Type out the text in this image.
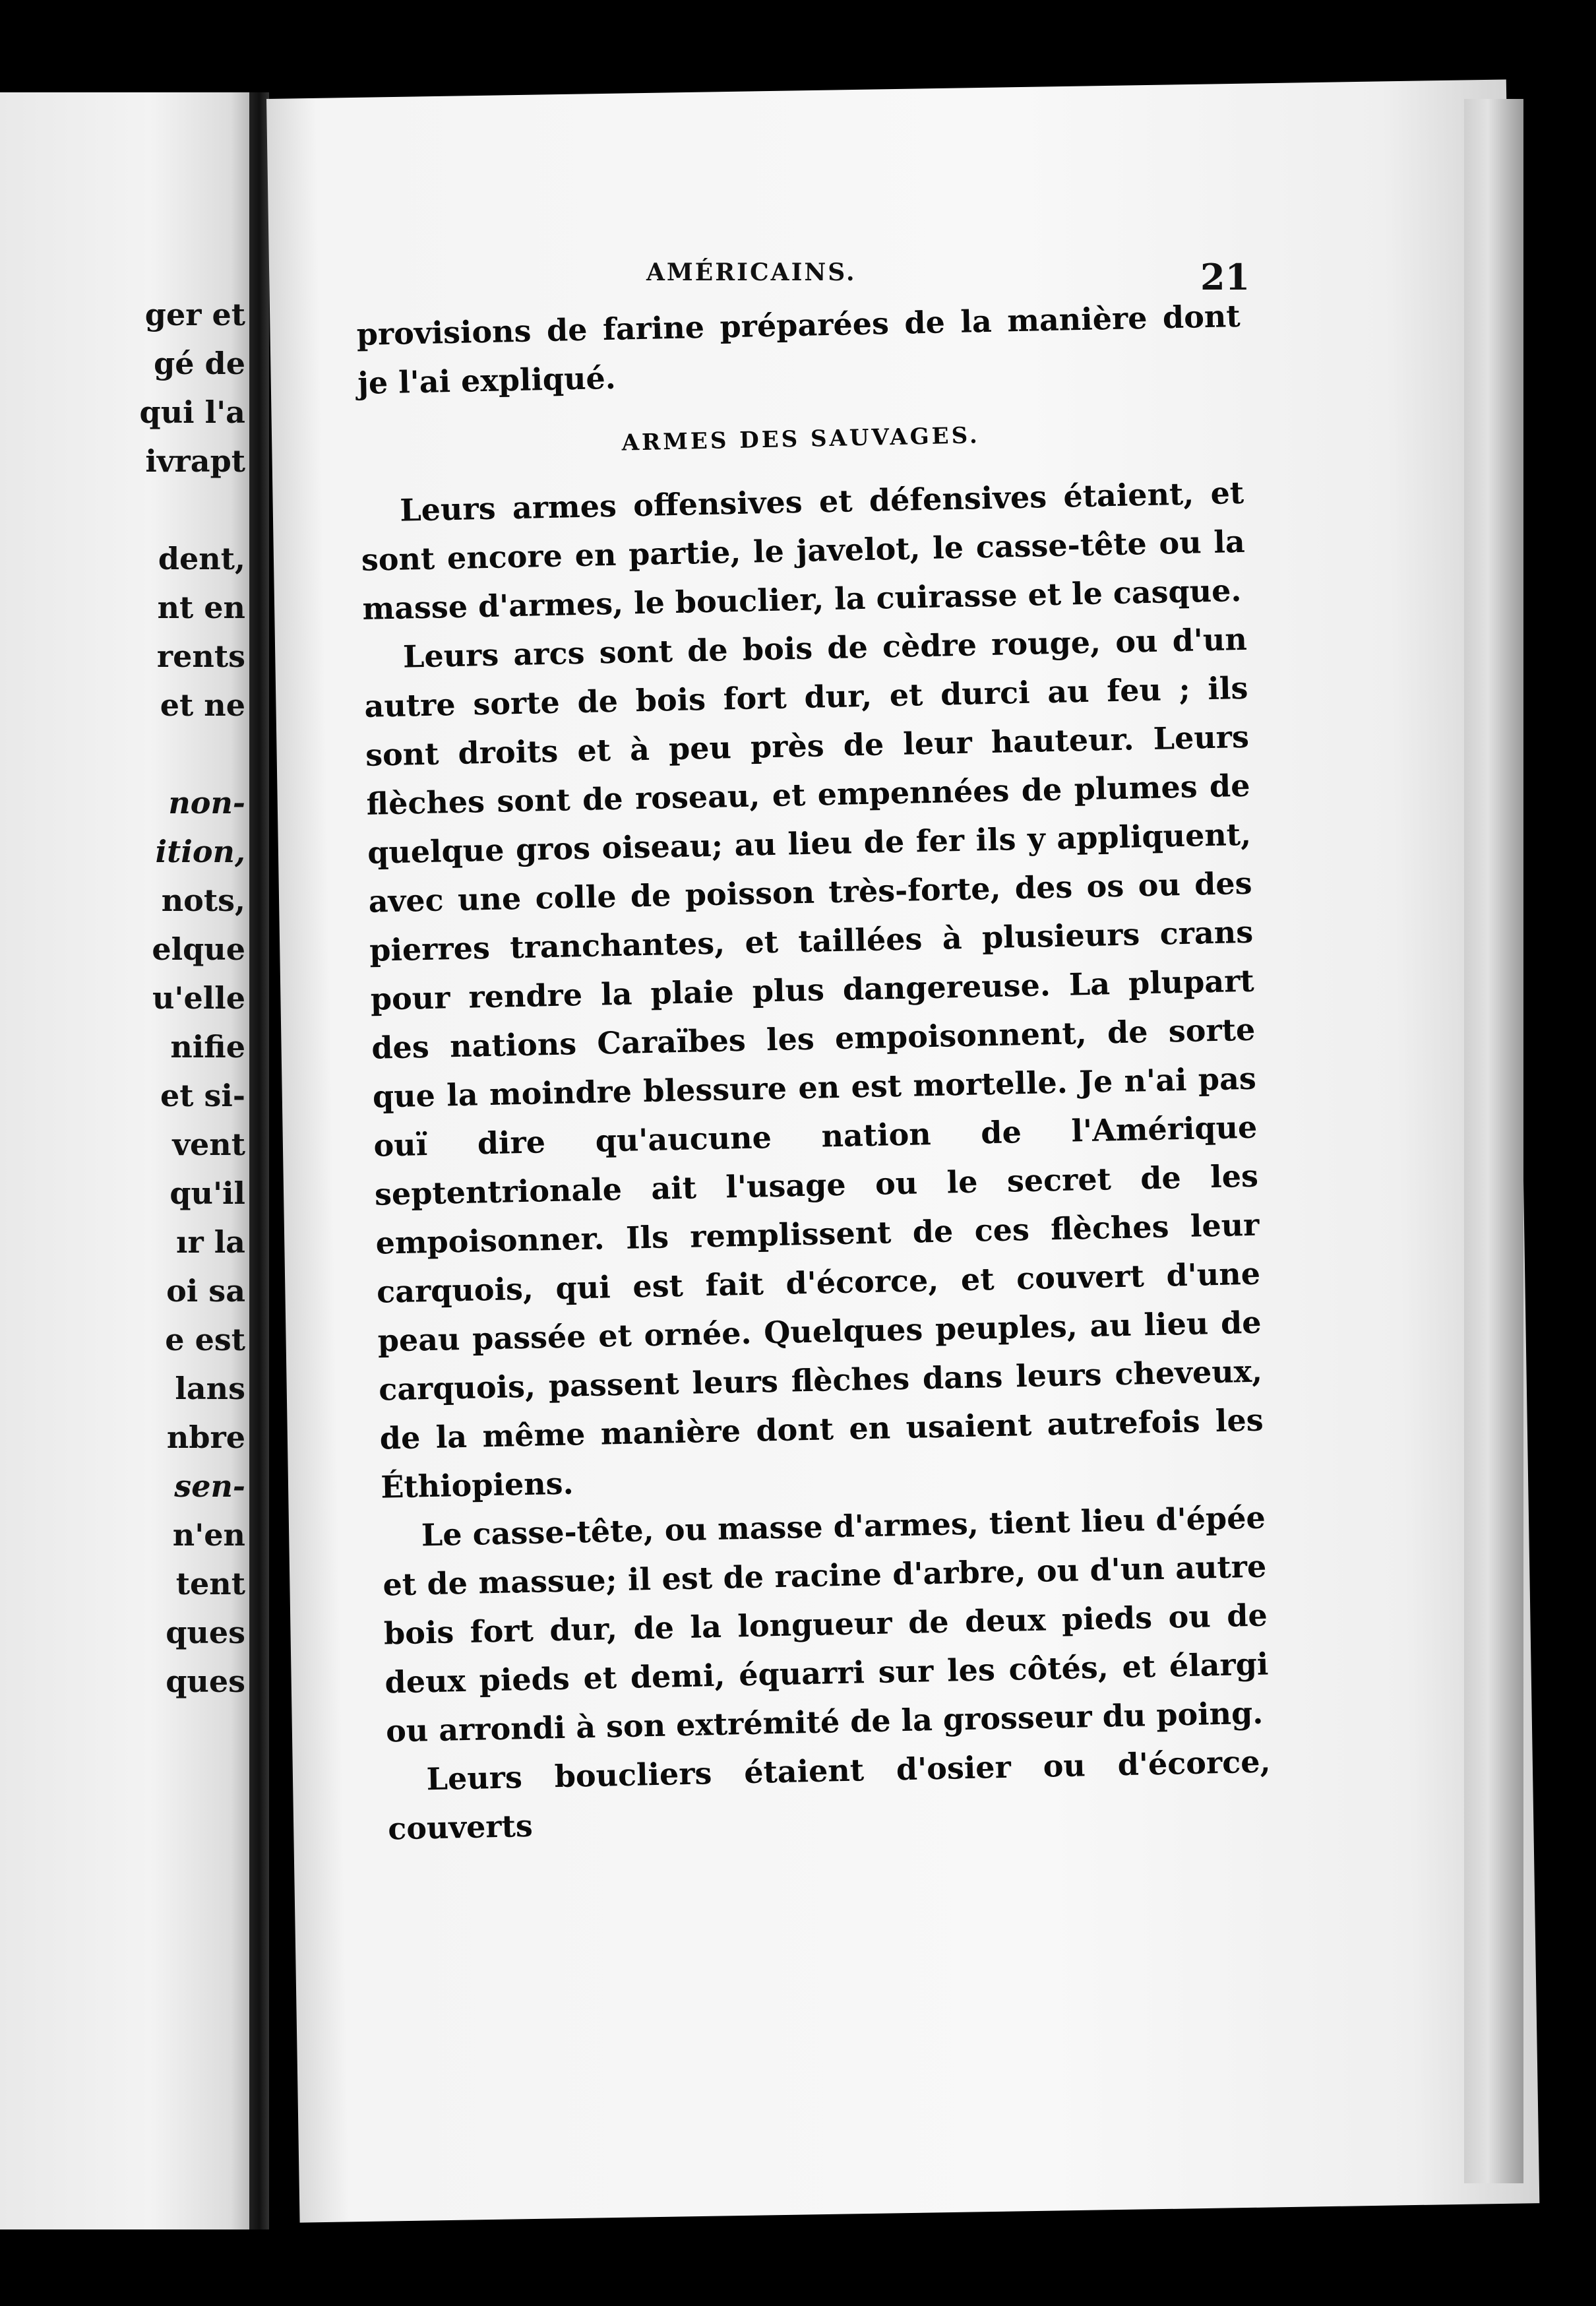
ger et
gé de
qui l'a
ivrapt
dent,
nt en
rents
et ne
non-
ition,
nots,
elque
u'elle
nifie
et si-
vent
qu'il
ır la
oi sa
e est
lans
nbre
sen-
n'en
tent
ques
ques
AMÉRICAINS.	21

provisions de farine préparées de la manière dont je l'ai expliqué.

ARMES DES SAUVAGES.

Leurs armes offensives et défensives étaient, et sont encore en partie, le javelot, le casse-tête ou la masse d'armes, le bouclier, la cuirasse et le casque.

Leurs arcs sont de bois de cèdre rouge, ou d'un autre sorte de bois fort dur, et durci au feu ; ils sont droits et à peu près de leur hauteur. Leurs flèches sont de roseau, et empennées de plumes de quelque gros oiseau; au lieu de fer ils y appliquent, avec une colle de poisson très-forte, des os ou des pierres tranchantes, et taillées à plusieurs crans pour rendre la plaie plus dangereuse. La plupart des nations Caraïbes les empoisonnent, de sorte que la moindre blessure en est mortelle. Je n'ai pas ouï dire qu'aucune nation de l'Amérique septentrionale ait l'usage ou le secret de les empoisonner. Ils remplissent de ces flèches leur carquois, qui est fait d'écorce, et couvert d'une peau passée et ornée. Quelques peuples, au lieu de carquois, passent leurs flèches dans leurs cheveux, de la même manière dont en usaient autrefois les Éthiopiens.

Le casse-tête, ou masse d'armes, tient lieu d'épée et de massue; il est de racine d'arbre, ou d'un autre bois fort dur, de la longueur de deux pieds ou de deux pieds et demi, équarri sur les côtés, et élargi ou arrondi à son extrémité de la grosseur du poing.

Leurs boucliers étaient d'osier ou d'écorce, couverts
